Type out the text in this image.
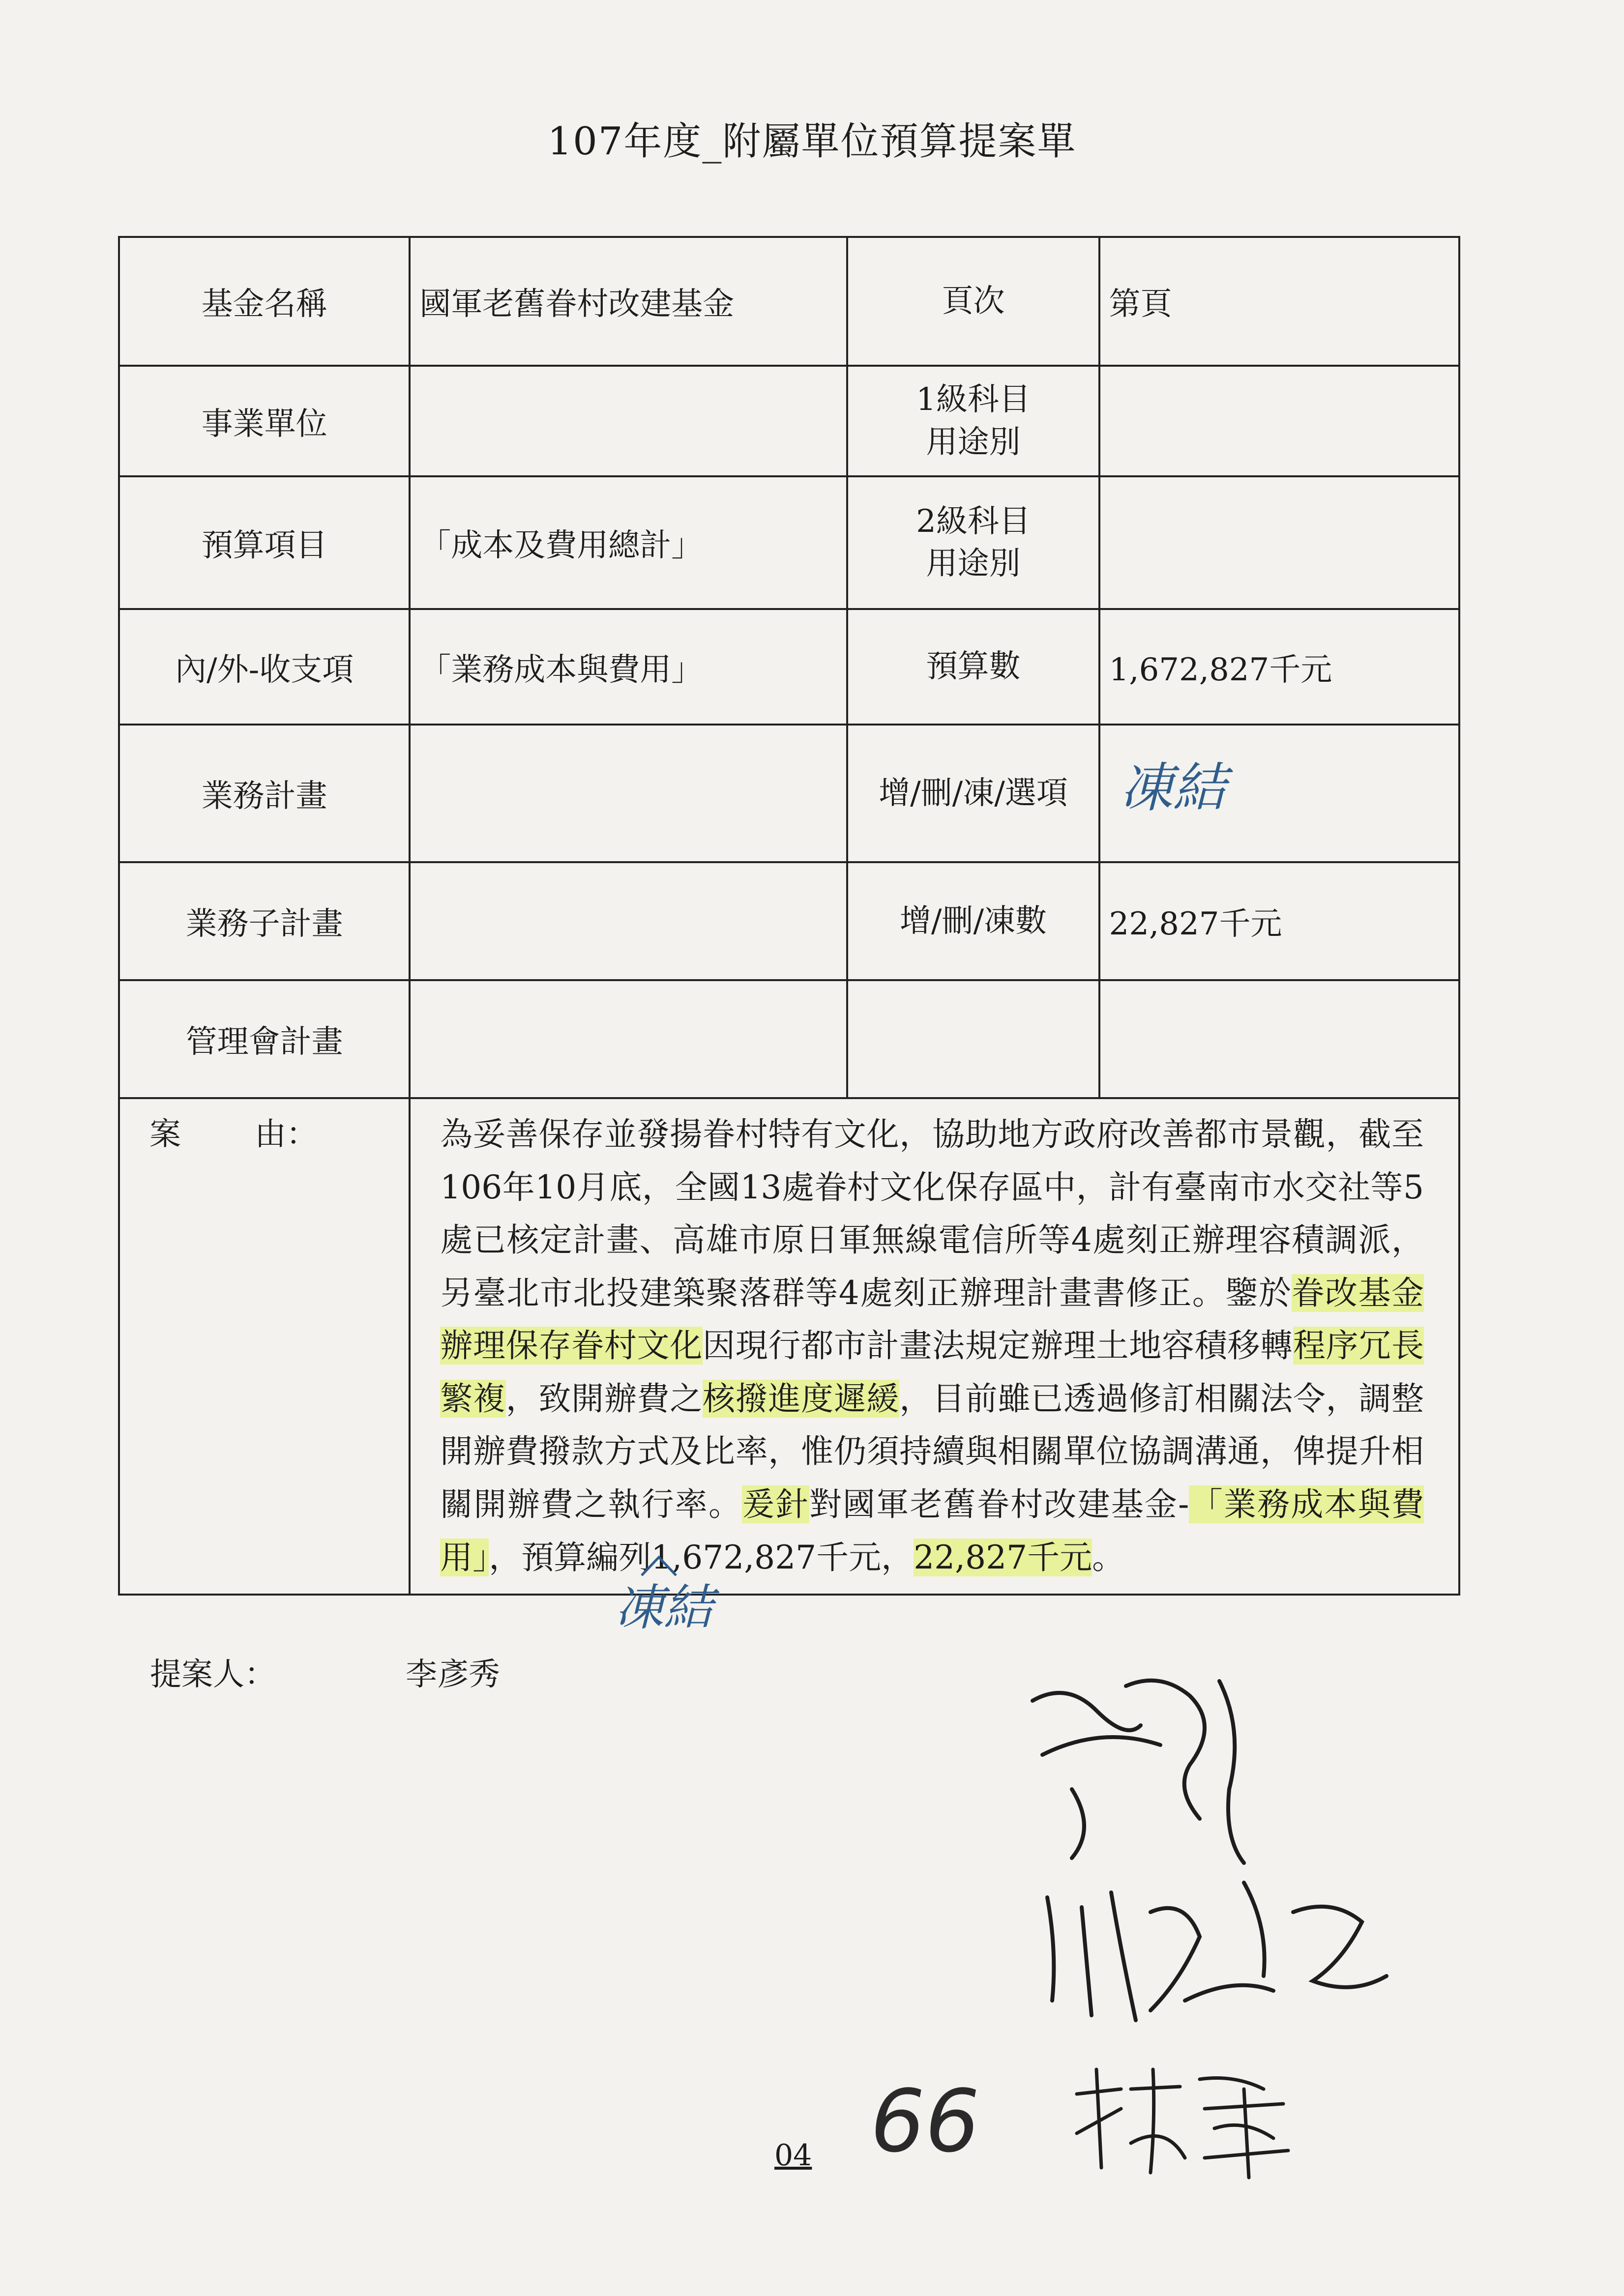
107年度_附屬單位預算提案單
基金名稱	國軍老舊眷村改建基金	頁次	第頁
事業單位		1級科目
用途別	
預算項目	「成本及費用總計」	2級科目
用途別	
內/外-收支項	「業務成本與費用」	預算數	1,672,827千元
業務計畫		增/刪/凍/選項	凍結

業務子計畫		增/刪/凍數	22,827千元
管理會計畫			
案 由：	為妥善保存並發揚眷村特有文化，協助地方政府改善都市景觀，截至106年10月底，全國13處眷村文化保存區中，計有臺南市水交社等5處已核定計畫、高雄市原日軍無線電信所等4處刻正辦理容積調派，另臺北市北投建築聚落群等4處刻正辦理計畫書修正。鑒於眷改基金辦理保存眷村文化因現行都市計畫法規定辦理土地容積移轉程序冗長繁複，致開辦費之核撥進度遲緩，目前雖已透過修訂相關法令，調整開辦費撥款方式及比率，惟仍須持續與相關單位協調溝通，俾提升相關開辦費之執行率。爰針對國軍老舊眷村改建基金-「業務成本與費用」，預算編列1,672,827千元，22,827千元。		
凍結
提案人：	李彥秀
66
04
